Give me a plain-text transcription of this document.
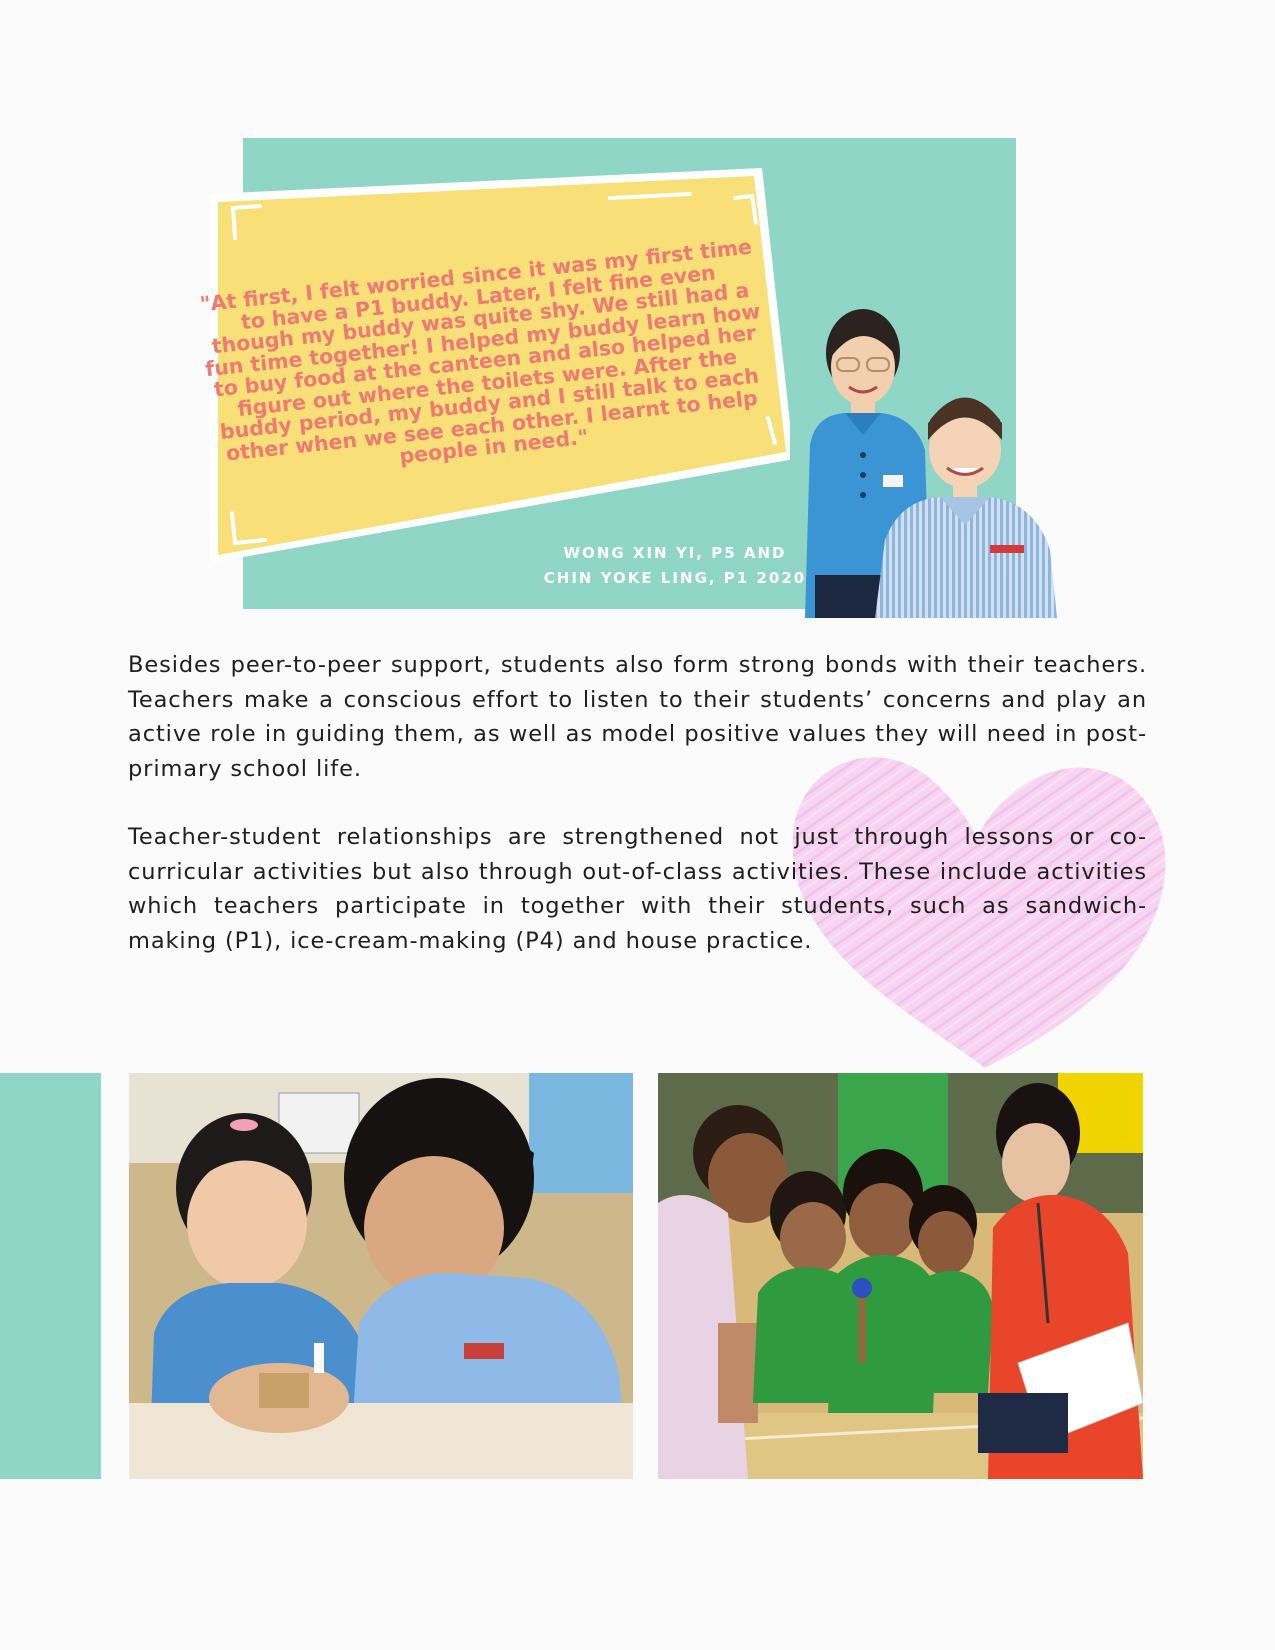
"At first, I felt worried since it was my first time to have a P1 buddy. Later, I felt fine even though my buddy was quite shy. We still had a fun time together! I helped my buddy learn how to buy food at the canteen and also helped her figure out where the toilets were. After the buddy period, my buddy and I still talk to each other when we see each other. I learnt to help people in need."

WONG XIN YI, P5 AND
CHIN YOKE LING, P1 2020

Besides peer-to-peer support, students also form strong bonds with their teachers. Teachers make a conscious effort to listen to their students’ concerns and play an active role in guiding them, as well as model positive values they will need in post-primary school life.

Teacher-student relationships are strengthened not just through lessons or co-curricular activities but also through out-of-class activities. These include activities which teachers participate in together with their students, such as sandwich-making (P1), ice-cream-making (P4) and house practice.
